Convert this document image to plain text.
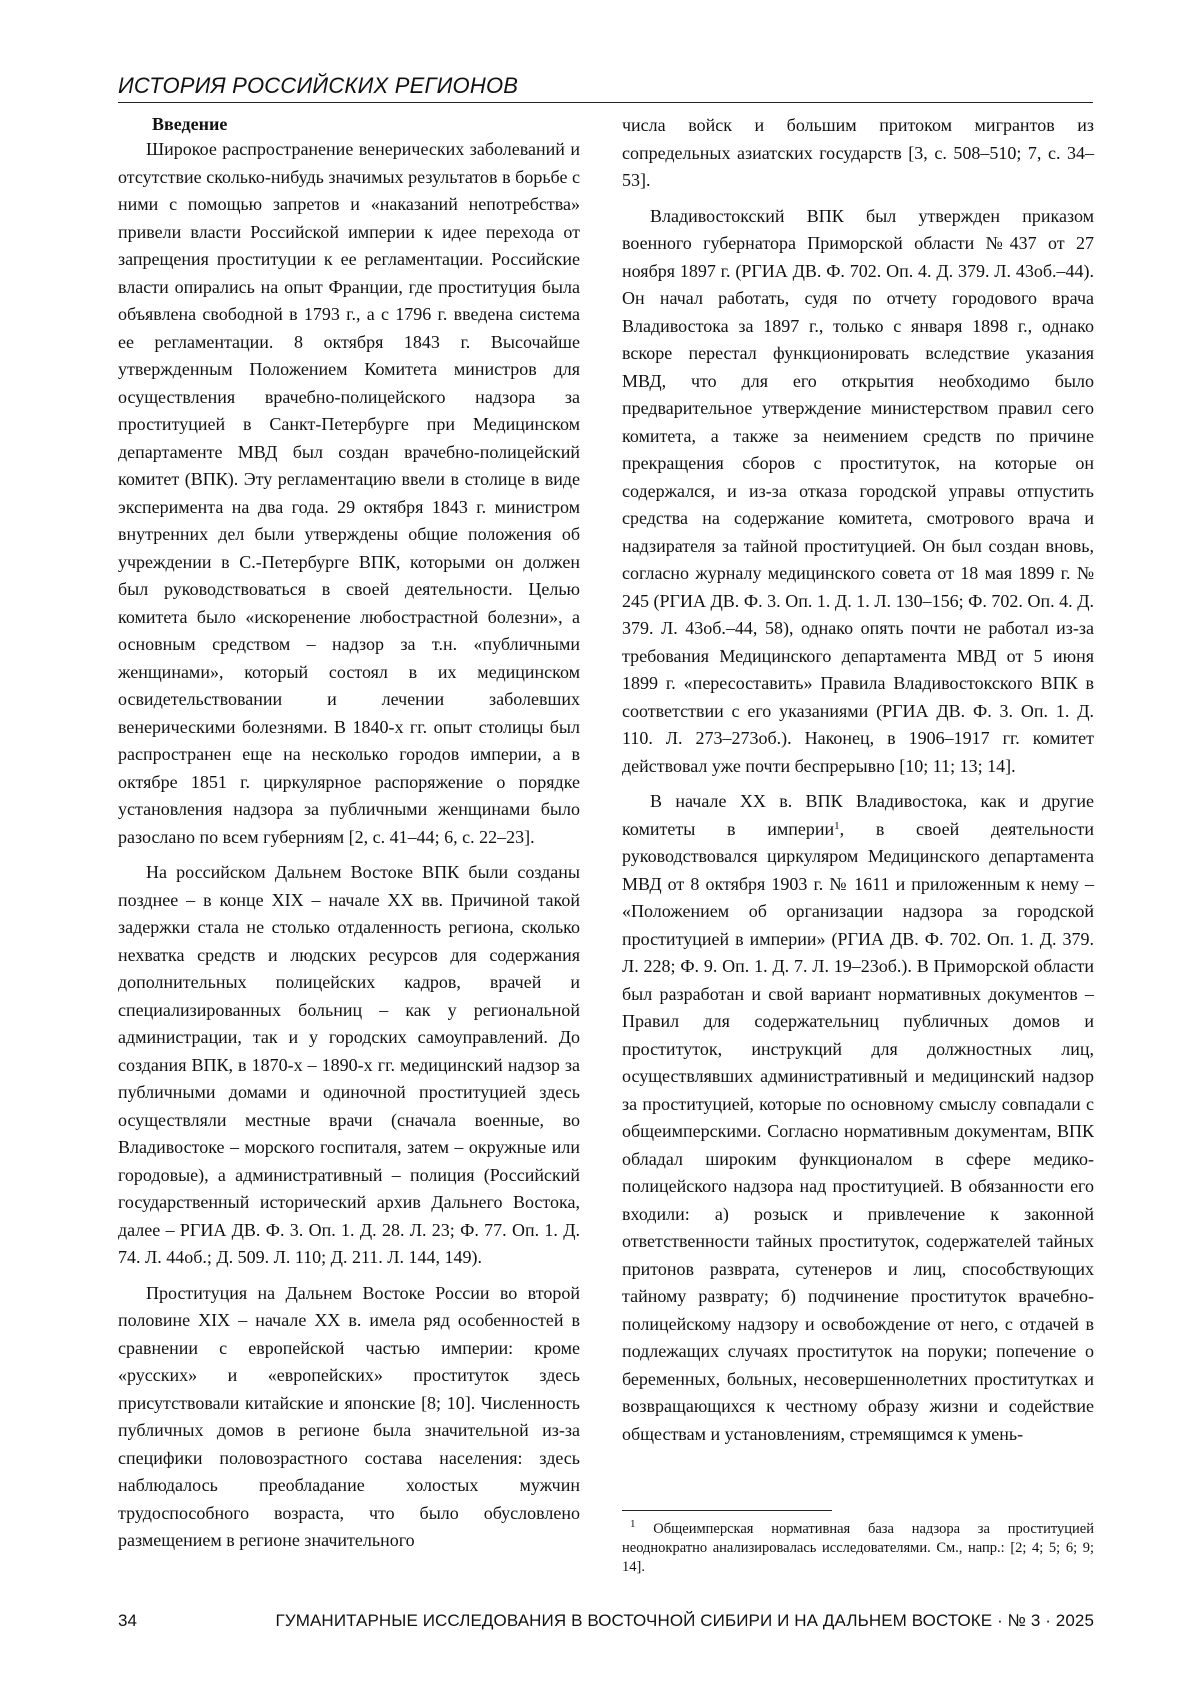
ИСТОРИЯ РОССИЙСКИХ РЕГИОНОВ
Введение

Широкое распространение венерических заболеваний и отсутствие сколько-нибудь значимых результатов в борьбе с ними с помощью запретов и «наказаний непотребства» привели власти Российской империи к идее перехода от запрещения проституции к ее регламентации. Российские власти опирались на опыт Франции, где проституция была объявлена свободной в 1793 г., а с 1796 г. введена система ее регламентации. 8 октября 1843 г. Высочайше утвержденным Положением Комитета министров для осуществления врачебно-полицейского надзора за проституцией в Санкт-Петербурге при Медицинском департаменте МВД был создан врачебно-полицейский комитет (ВПК). Эту регламентацию ввели в столице в виде эксперимента на два года. 29 октября 1843 г. министром внутренних дел были утверждены общие положения об учреждении в С.-Петербурге ВПК, которыми он должен был руководствоваться в своей деятельности. Целью комитета было «искоренение любострастной болезни», а основным средством – надзор за т.н. «публичными женщинами», который состоял в их медицинском освидетельствовании и лечении заболевших венерическими болезнями. В 1840-х гг. опыт столицы был распространен еще на несколько городов империи, а в октябре 1851 г. циркулярное распоряжение о порядке установления надзора за публичными женщинами было разослано по всем губерниям [2, с. 41–44; 6, с. 22–23].

На российском Дальнем Востоке ВПК были созданы позднее – в конце XIX – начале XX вв. Причиной такой задержки стала не столько отдаленность региона, сколько нехватка средств и людских ресурсов для содержания дополнительных полицейских кадров, врачей и специализированных больниц – как у региональной администрации, так и у городских самоуправлений. До создания ВПК, в 1870-х – 1890-х гг. медицинский надзор за публичными домами и одиночной проституцией здесь осуществляли местные врачи (сначала военные, во Владивостоке – морского госпиталя, затем – окружные или городовые), а административный – полиция (Российский государственный исторический архив Дальнего Востока, далее – РГИА ДВ. Ф. 3. Оп. 1. Д. 28. Л. 23; Ф. 77. Оп. 1. Д. 74. Л. 44об.; Д. 509. Л. 110; Д. 211. Л. 144, 149).

Проституция на Дальнем Востоке России во второй половине XIX – начале XX в. имела ряд особенностей в сравнении с европейской частью империи: кроме «русских» и «европейских» проституток здесь присутствовали китайские и японские [8; 10]. Численность публичных домов в регионе была значительной из-за специфики половозрастного состава населения: здесь наблюдалось преобладание холостых мужчин трудоспособного возраста, что было обусловлено размещением в регионе значительного

числа войск и большим притоком мигрантов из сопредельных азиатских государств [3, с. 508–510; 7, с. 34–53].

Владивостокский ВПК был утвержден приказом военного губернатора Приморской области №437 от 27 ноября 1897 г. (РГИА ДВ. Ф. 702. Оп. 4. Д. 379. Л. 43об.–44). Он начал работать, судя по отчету городового врача Владивостока за 1897 г., только с января 1898 г., однако вскоре перестал функционировать вследствие указания МВД, что для его открытия необходимо было предварительное утверждение министерством правил сего комитета, а также за неимением средств по причине прекращения сборов с проституток, на которые он содержался, и из-за отказа городской управы отпустить средства на содержание комитета, смотрового врача и надзирателя за тайной проституцией. Он был создан вновь, согласно журналу медицинского совета от 18 мая 1899 г. № 245 (РГИА ДВ. Ф. 3. Оп. 1. Д. 1. Л. 130–156; Ф. 702. Оп. 4. Д. 379. Л. 43об.–44, 58), однако опять почти не работал из-за требования Медицинского департамента МВД от 5 июня 1899 г. «пересоставить» Правила Владивостокского ВПК в соответствии с его указаниями (РГИА ДВ. Ф. 3. Оп. 1. Д. 110. Л. 273–273об.). Наконец, в 1906–1917 гг. комитет действовал уже почти беспрерывно [10; 11; 13; 14].

В начале XX в. ВПК Владивостока, как и другие комитеты в империи$^1$, в своей деятельности руководствовался циркуляром Медицинского департамента МВД от 8 октября 1903 г. № 1611 и приложенным к нему – «Положением об организации надзора за городской проституцией в империи» (РГИА ДВ. Ф. 702. Оп. 1. Д. 379. Л. 228; Ф. 9. Оп. 1. Д. 7. Л. 19–23об.). В Приморской области был разработан и свой вариант нормативных документов – Правил для содержательниц публичных домов и проституток, инструкций для должностных лиц, осуществлявших административный и медицинский надзор за проституцией, которые по основному смыслу совпадали с общеимперскими. Согласно нормативным документам, ВПК обладал широким функционалом в сфере медико-полицейского надзора над проституцией. В обязанности его входили: а) розыск и привлечение к законной ответственности тайных проституток, содержателей тайных притонов разврата, сутенеров и лиц, способствующих тайному разврату; б) подчинение проституток врачебно-полицейскому надзору и освобождение от него, с отдачей в подлежащих случаях проституток на поруки; попечение о беременных, больных, несовершеннолетних проститутках и возвращающихся к честному образу жизни и содействие обществам и установлениям, стремящимся к умень-

$^1$ Общеимперская нормативная база надзора за проституцией неоднократно анализировалась исследователями. См., напр.: [2; 4; 5; 6; 9; 14].

34	ГУМАНИТАРНЫЕ ИССЛЕДОВАНИЯ В ВОСТОЧНОЙ СИБИРИ И НА ДАЛЬНЕМ ВОСТОКЕ · № 3 · 2025
